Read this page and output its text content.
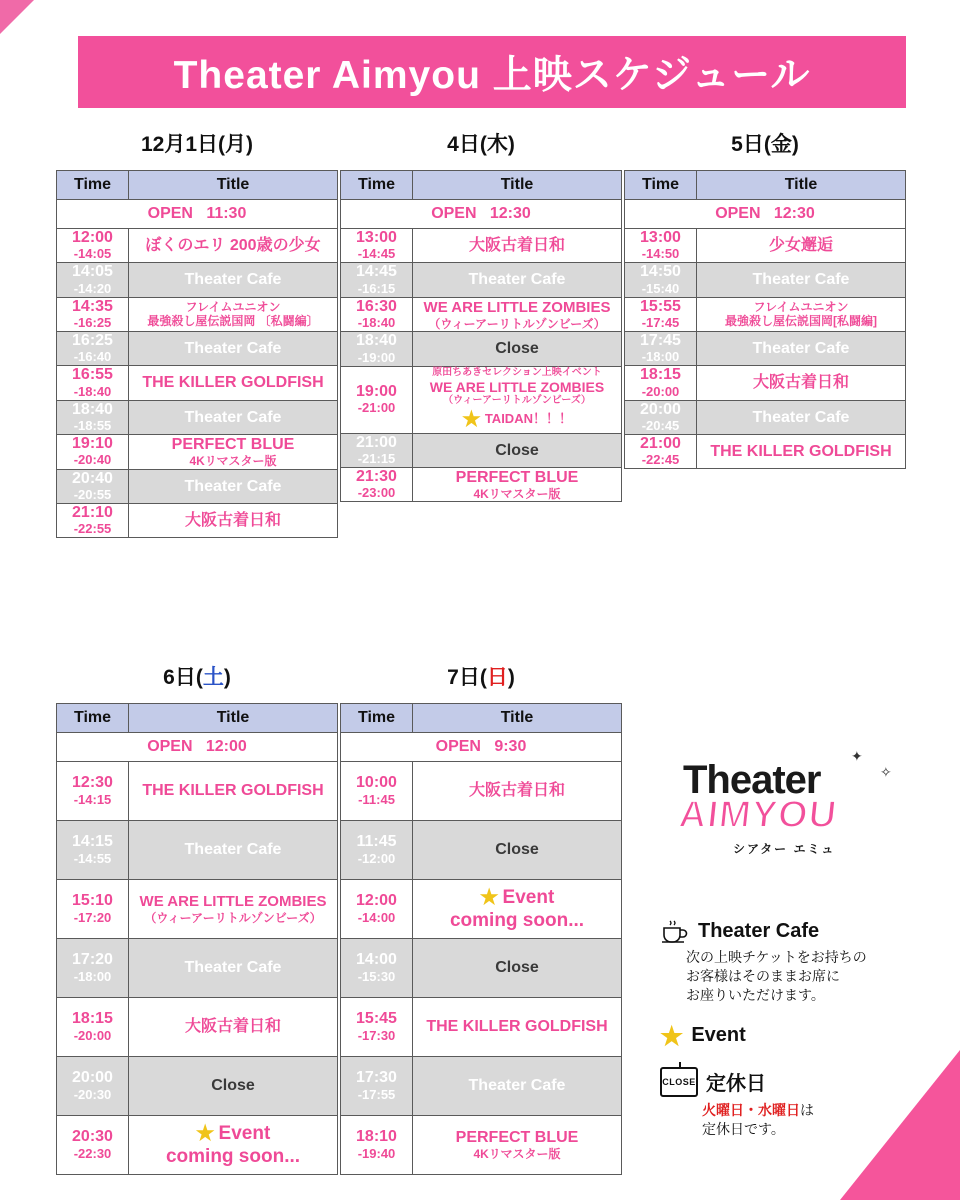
Theater Aimyou 上映スケジュール
12月1日(月)	4日(木)	5日(金)
6日(土)	7日(日)
Time	Title
OPEN 11:30	

12:00
-14:05	ぼくのエリ 200歳の少女

14:05
-14:20	Theater Cafe

14:35
-16:25	フレイムユニオン
最強殺し屋伝説国岡 〔私闘編〕

16:25
-16:40	Theater Cafe

16:55
-18:40	THE KILLER GOLDFISH

18:40
-18:55	Theater Cafe

19:10
-20:40	PERFECT BLUE
4Kリマスター版

20:40
-20:55	Theater Cafe

21:10
-22:55	大阪古着日和
Time	Title
OPEN 12:30	

13:00
-14:45	大阪古着日和

14:45
-16:15	Theater Cafe

16:30
-18:40	WE ARE LITTLE ZOMBIES
（ウィーアーリトルゾンビーズ）

18:40
-19:00	Close

19:00
-21:00	原田ちあきセレクション上映イベント
WE ARE LITTLE ZOMBIES
（ウィーアーリトルゾンビーズ）
★ TAIDAN！！！

21:00
-21:15	Close

21:30
-23:00	PERFECT BLUE
4Kリマスター版
Time	Title
OPEN 12:30	

13:00
-14:50	少女邂逅

14:50
-15:40	Theater Cafe

15:55
-17:45	フレイムユニオン
最強殺し屋伝説国岡[私闘編]

17:45
-18:00	Theater Cafe

18:15
-20:00	大阪古着日和

20:00
-20:45	Theater Cafe

21:00
-22:45	THE KILLER GOLDFISH
Time	Title
OPEN 12:00	

12:30
-14:15	THE KILLER GOLDFISH

14:15
-14:55	Theater Cafe

15:10
-17:20	WE ARE LITTLE ZOMBIES
（ウィーアーリトルゾンビーズ）

17:20
-18:00	Theater Cafe

18:15
-20:00	大阪古着日和

20:00
-20:30	Close

20:30
-22:30	★ Event
coming soon...
Time	Title
OPEN 9:30	

10:00
-11:45	大阪古着日和

11:45
-12:00	Close

12:00
-14:00	★ Event
coming soon...

14:00
-15:30	Close

15:45
-17:30	THE KILLER GOLDFISH

17:30
-17:55	Theater Cafe

18:10
-19:40	PERFECT BLUE
4Kリマスター版
✦
✧
Theater
AIMYOU
シアター エミュ
Theater Cafe
次の上映チケットをお持ちの
お客様はそのままお席に
お座りいただけます。
★ Event
CLOSE 定休日
火曜日・水曜日は
定休日です。
